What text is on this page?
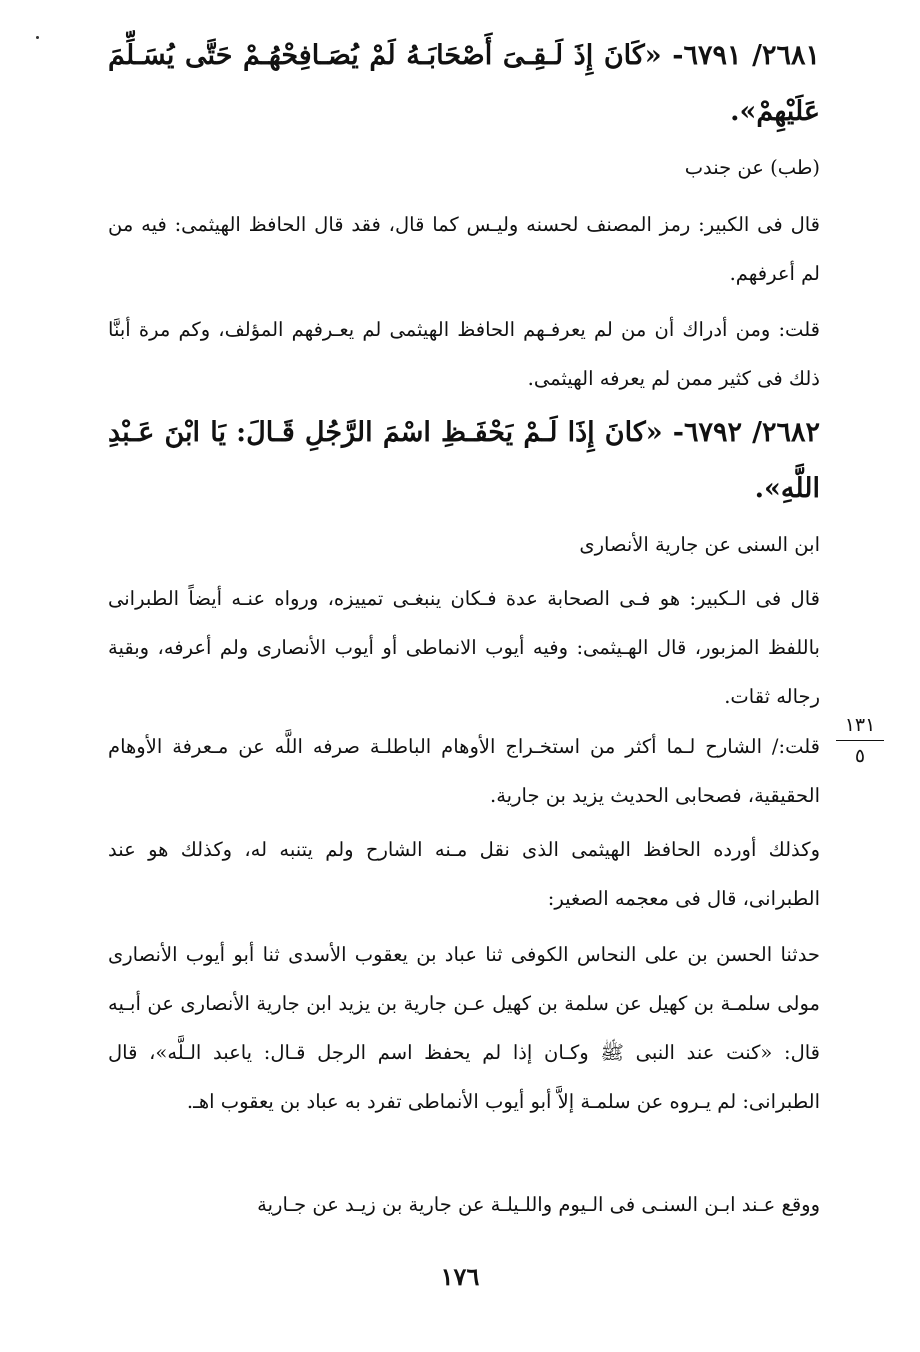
٢٦٨١/ ٦٧٩١- «كَانَ إِذَ لَـقِـىَ أَصْحَابَـهُ لَمْ يُصَـافِحْهُـمْ حَتَّى يُسَـلِّمَ عَلَيْهِمْ».

(طب) عن جندب

قال فى الكبير: رمز المصنف لحسنه وليـس كما قال، فقد قال الحافظ الهيثمى: فيه من لم أعرفهم.

قلت: ومن أدراك أن من لم يعرفـهم الحافظ الهيثمى لم يعـرفهم المؤلف، وكم مرة أبنَّا ذلك فى كثير ممن لم يعرفه الهيثمى.

٢٦٨٢/ ٦٧٩٢- «كانَ إِذَا لَـمْ يَحْفَـظِ اسْمَ الرَّجُلِ قَـالَ: يَا ابْنَ عَـبْدِ اللَّهِ».

ابن السنى عن جارية الأنصارى

قال فى الـكبير: هو فـى الصحابة عدة فـكان ينبغـى تمييزه، ورواه عنـه أيضاً الطبرانى باللفظ المزبور، قال الهـيثمى: وفيه أيوب الانماطى أو أيوب الأنصارى ولم أعرفه، وبقية رجاله ثقات.

قلت:/ الشارح لـما أكثر من استخـراج الأوهام الباطلـة صرفه اللَّه عن مـعرفة الأوهام الحقيقية، فصحابى الحديث يزيد بن جارية.

وكذلك أورده الحافظ الهيثمى الذى نقل مـنه الشارح ولم يتنبه له، وكذلك هو عند الطبرانى، قال فى معجمه الصغير:

حدثنا الحسن بن على النحاس الكوفى ثنا عباد بن يعقوب الأسدى ثنا أبو أيوب الأنصارى مولى سلمـة بن كهيل عن سلمة بن كهيل عـن جارية بن يزيد ابن جارية الأنصارى عن أبـيه قال: «كنت عند النبى ﷺ وكـان إذا لم يحفظ اسم الرجل قـال: ياعبد الـلَّه»، قال الطبرانى: لم يـروه عن سلمـة إلاَّ أبو أيوب الأنماطى تفرد به عباد بن يعقوب اهـ.

ووقع عـند ابـن السنـى فى الـيوم واللـيلـة عن جارية بن زيـد عن جـارية

١٣١
٥
١٧٦
